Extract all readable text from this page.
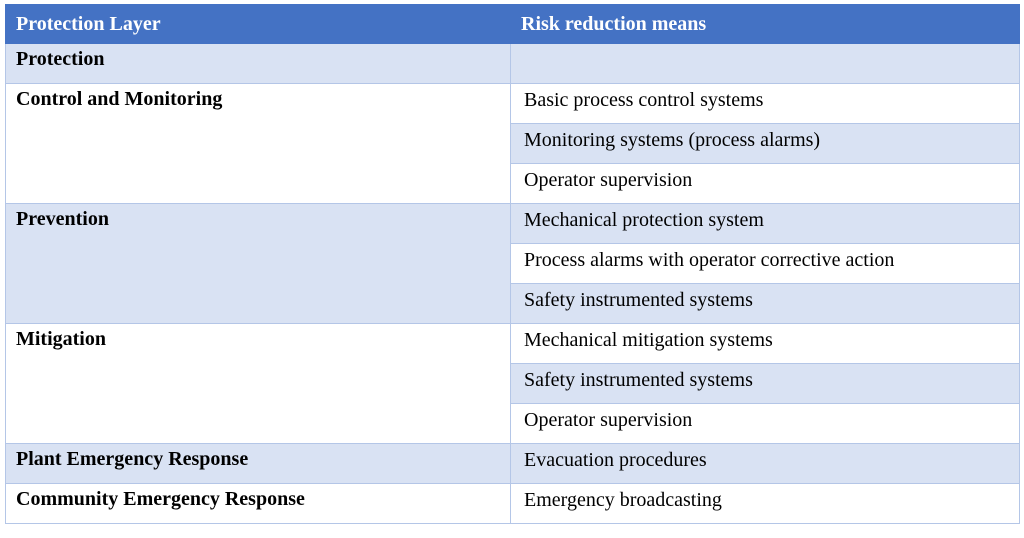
Protection Layer	Risk reduction means
Protection	
Control and Monitoring	Basic process control systems
	Monitoring systems (process alarms)
	Operator supervision
Prevention	Mechanical protection system
	Process alarms with operator corrective action
	Safety instrumented systems
Mitigation	Mechanical mitigation systems
	Safety instrumented systems
	Operator supervision
Plant Emergency Response	Evacuation procedures
Community Emergency Response	Emergency broadcasting
